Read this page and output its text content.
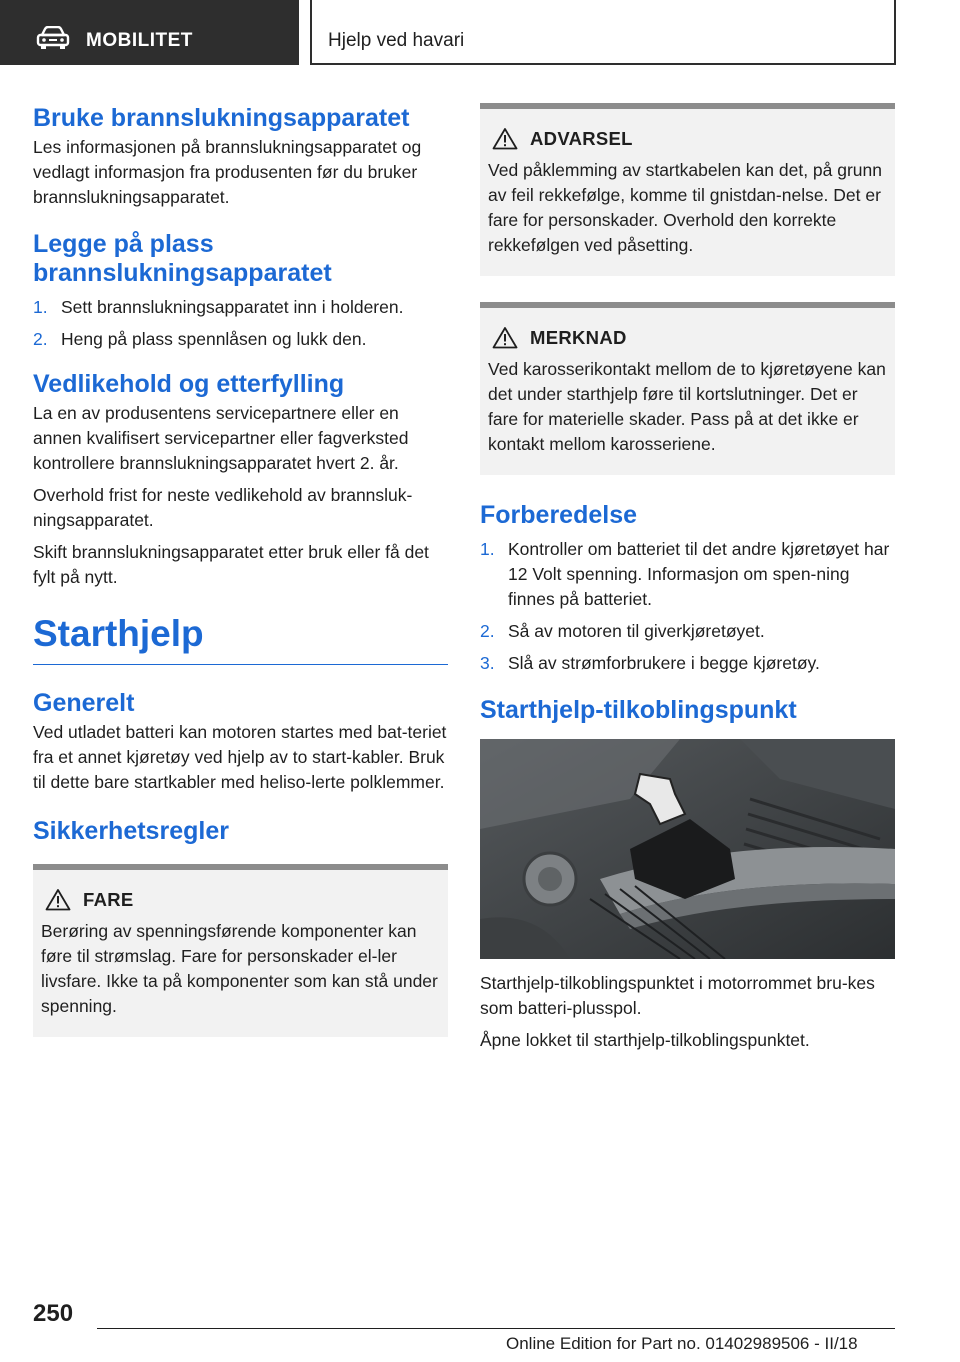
MOBILITET	Hjelp ved havari
Bruke brannslukningsapparatet

Les informasjonen på brannslukningsapparatet og vedlagt informasjon fra produsenten før du bruker brannslukningsapparatet.

Legge på plass brannslukningsapparatet
1. Sett brannslukningsapparatet inn i holderen.
2. Heng på plass spennlåsen og lukk den.
Vedlikehold og etterfylling

La en av produsentens servicepartnere eller en annen kvalifisert servicepartner eller fagverksted kontrollere brannslukningsapparatet hvert 2. år.

Overhold frist for neste vedlikehold av brannsluk-ningsapparatet.

Skift brannslukningsapparatet etter bruk eller få det fylt på nytt.

Starthjelp
Generelt

Ved utladet batteri kan motoren startes med bat-teriet fra et annet kjøretøy ved hjelp av to start-kabler. Bruk til dette bare startkabler med heliso-lerte polklemmer.

Sikkerhetsregler
FARE

Berøring av spenningsførende komponenter kan føre til strømslag. Fare for personskader el-ler livsfare. Ikke ta på komponenter som kan stå under spenning.

ADVARSEL

Ved påklemming av startkabelen kan det, på grunn av feil rekkefølge, komme til gnistdan-nelse. Det er fare for personskader. Overhold den korrekte rekkefølgen ved påsetting.

MERKNAD

Ved karosserikontakt mellom de to kjøretøyene kan det under starthjelp føre til kortslutninger. Det er fare for materielle skader. Pass på at det ikke er kontakt mellom karosseriene.

Forberedelse
1. Kontroller om batteriet til det andre kjøretøyet har 12 Volt spenning. Informasjon om spen-ning finnes på batteriet.
2. Så av motoren til giverkjøretøyet.
3. Slå av strømforbrukere i begge kjøretøy.
Starthjelp-tilkoblingspunkt

Starthjelp-tilkoblingspunktet i motorrommet bru-kes som batteri-plusspol.

Åpne lokket til starthjelp-tilkoblingspunktet.

250
Online Edition for Part no. 01402989506 - II/18
